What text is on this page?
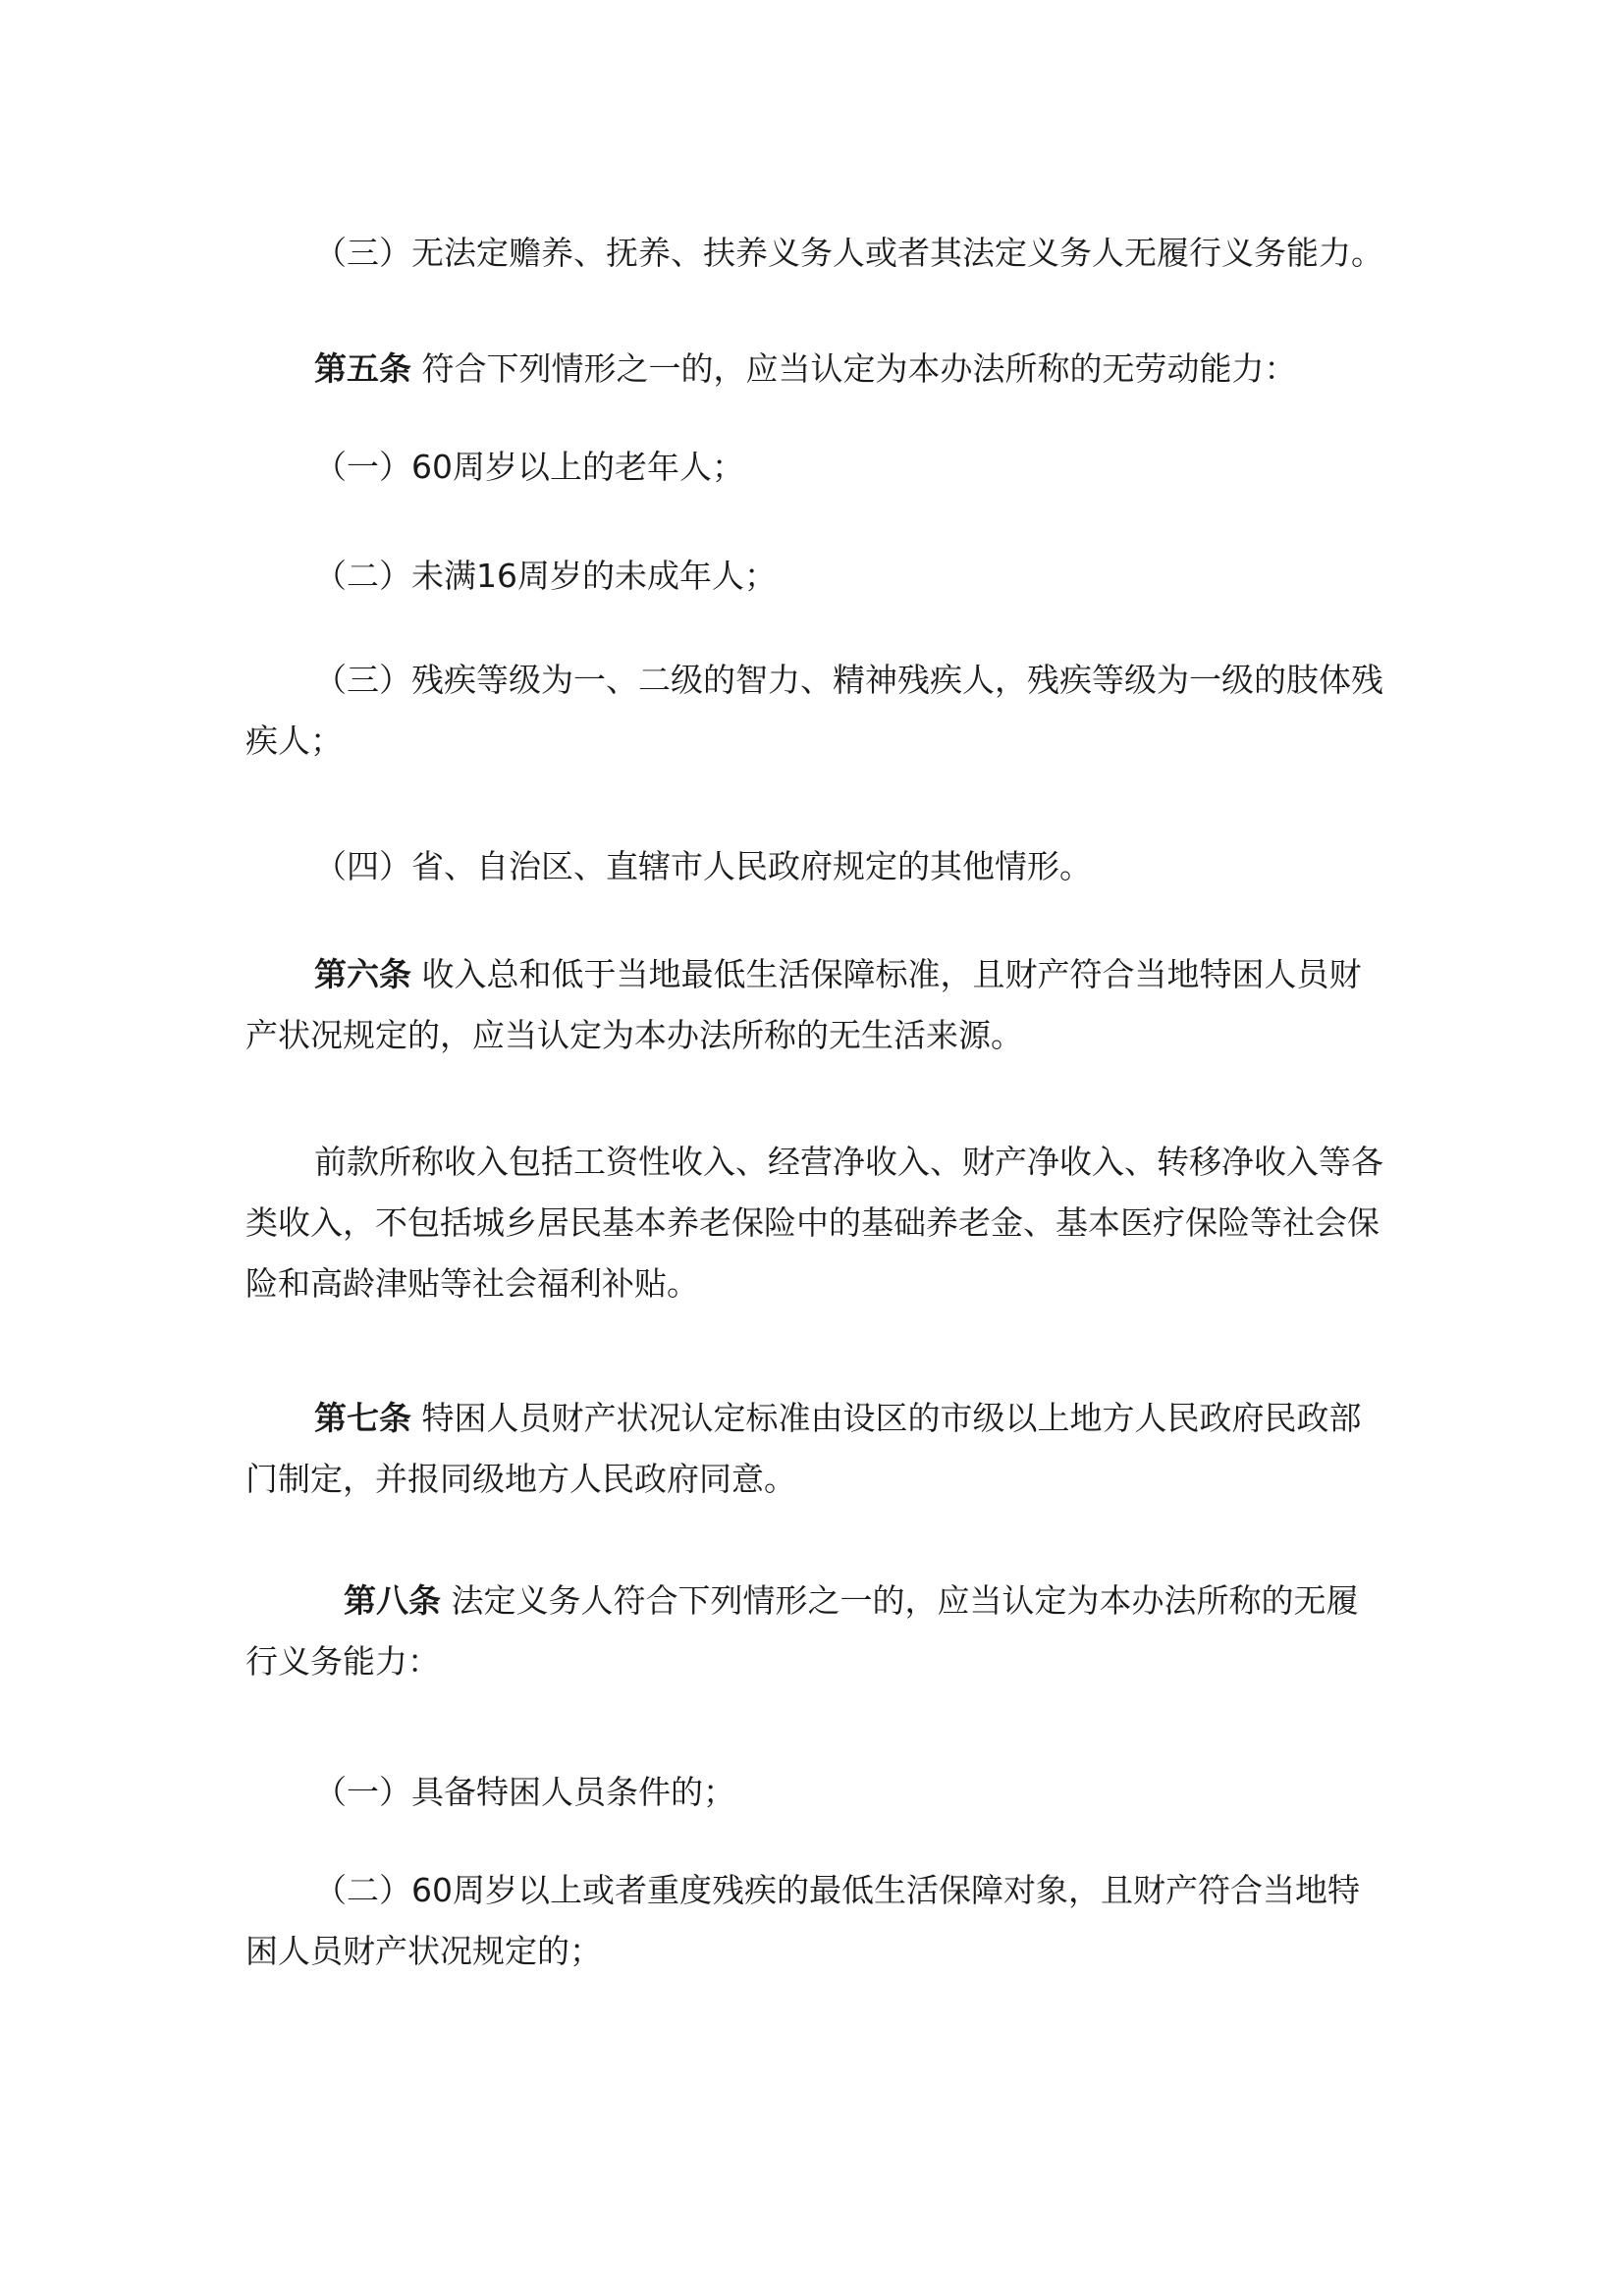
（三）无法定赡养、抚养、扶养义务人或者其法定义务人无履行义务能力。

第五条 符合下列情形之一的，应当认定为本办法所称的无劳动能力：

（一）60周岁以上的老年人；

（二）未满16周岁的未成年人；

（三）残疾等级为一、二级的智力、精神残疾人，残疾等级为一级的肢体残疾人；

（四）省、自治区、直辖市人民政府规定的其他情形。

第六条 收入总和低于当地最低生活保障标准，且财产符合当地特困人员财产状况规定的，应当认定为本办法所称的无生活来源。

前款所称收入包括工资性收入、经营净收入、财产净收入、转移净收入等各类收入，不包括城乡居民基本养老保险中的基础养老金、基本医疗保险等社会保险和高龄津贴等社会福利补贴。

第七条 特困人员财产状况认定标准由设区的市级以上地方人民政府民政部门制定，并报同级地方人民政府同意。

第八条 法定义务人符合下列情形之一的，应当认定为本办法所称的无履行义务能力：

（一）具备特困人员条件的；

（二）60周岁以上或者重度残疾的最低生活保障对象，且财产符合当地特困人员财产状况规定的；
